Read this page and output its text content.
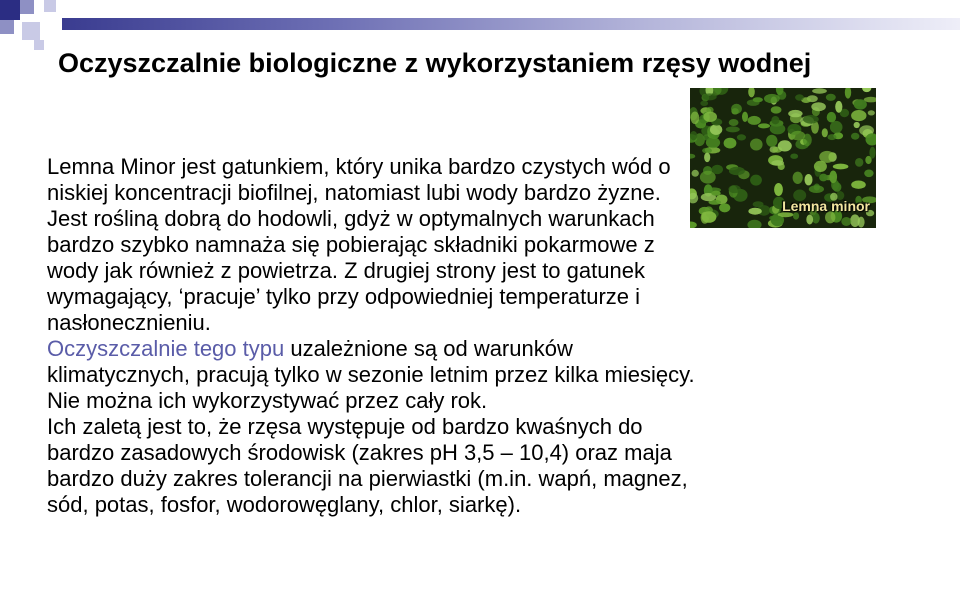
Oczyszczalnie biologiczne z wykorzystaniem rzęsy wodnej
Lemna minor
Lemna Minor jest gatunkiem, który unika bardzo czystych wód o niskiej koncentracji biofilnej, natomiast lubi wody bardzo żyzne. Jest rośliną dobrą do hodowli, gdyż w optymalnych warunkach bardzo szybko namnaża się pobierając składniki pokarmowe z wody jak również z powietrza. Z drugiej strony jest to gatunek wymagający, ‘pracuje’ tylko przy odpowiedniej temperaturze i nasłonecznieniu.
Oczyszczalnie tego typu uzależnione są od warunków klimatycznych, pracują tylko w sezonie letnim przez kilka miesięcy. Nie można ich wykorzystywać przez cały rok.
Ich zaletą jest to, że rzęsa występuje od bardzo kwaśnych do bardzo zasadowych środowisk (zakres pH 3,5 – 10,4) oraz maja bardzo duży zakres tolerancji na pierwiastki (m.in. wapń, magnez, sód, potas, fosfor, wodorowęglany, chlor, siarkę).
